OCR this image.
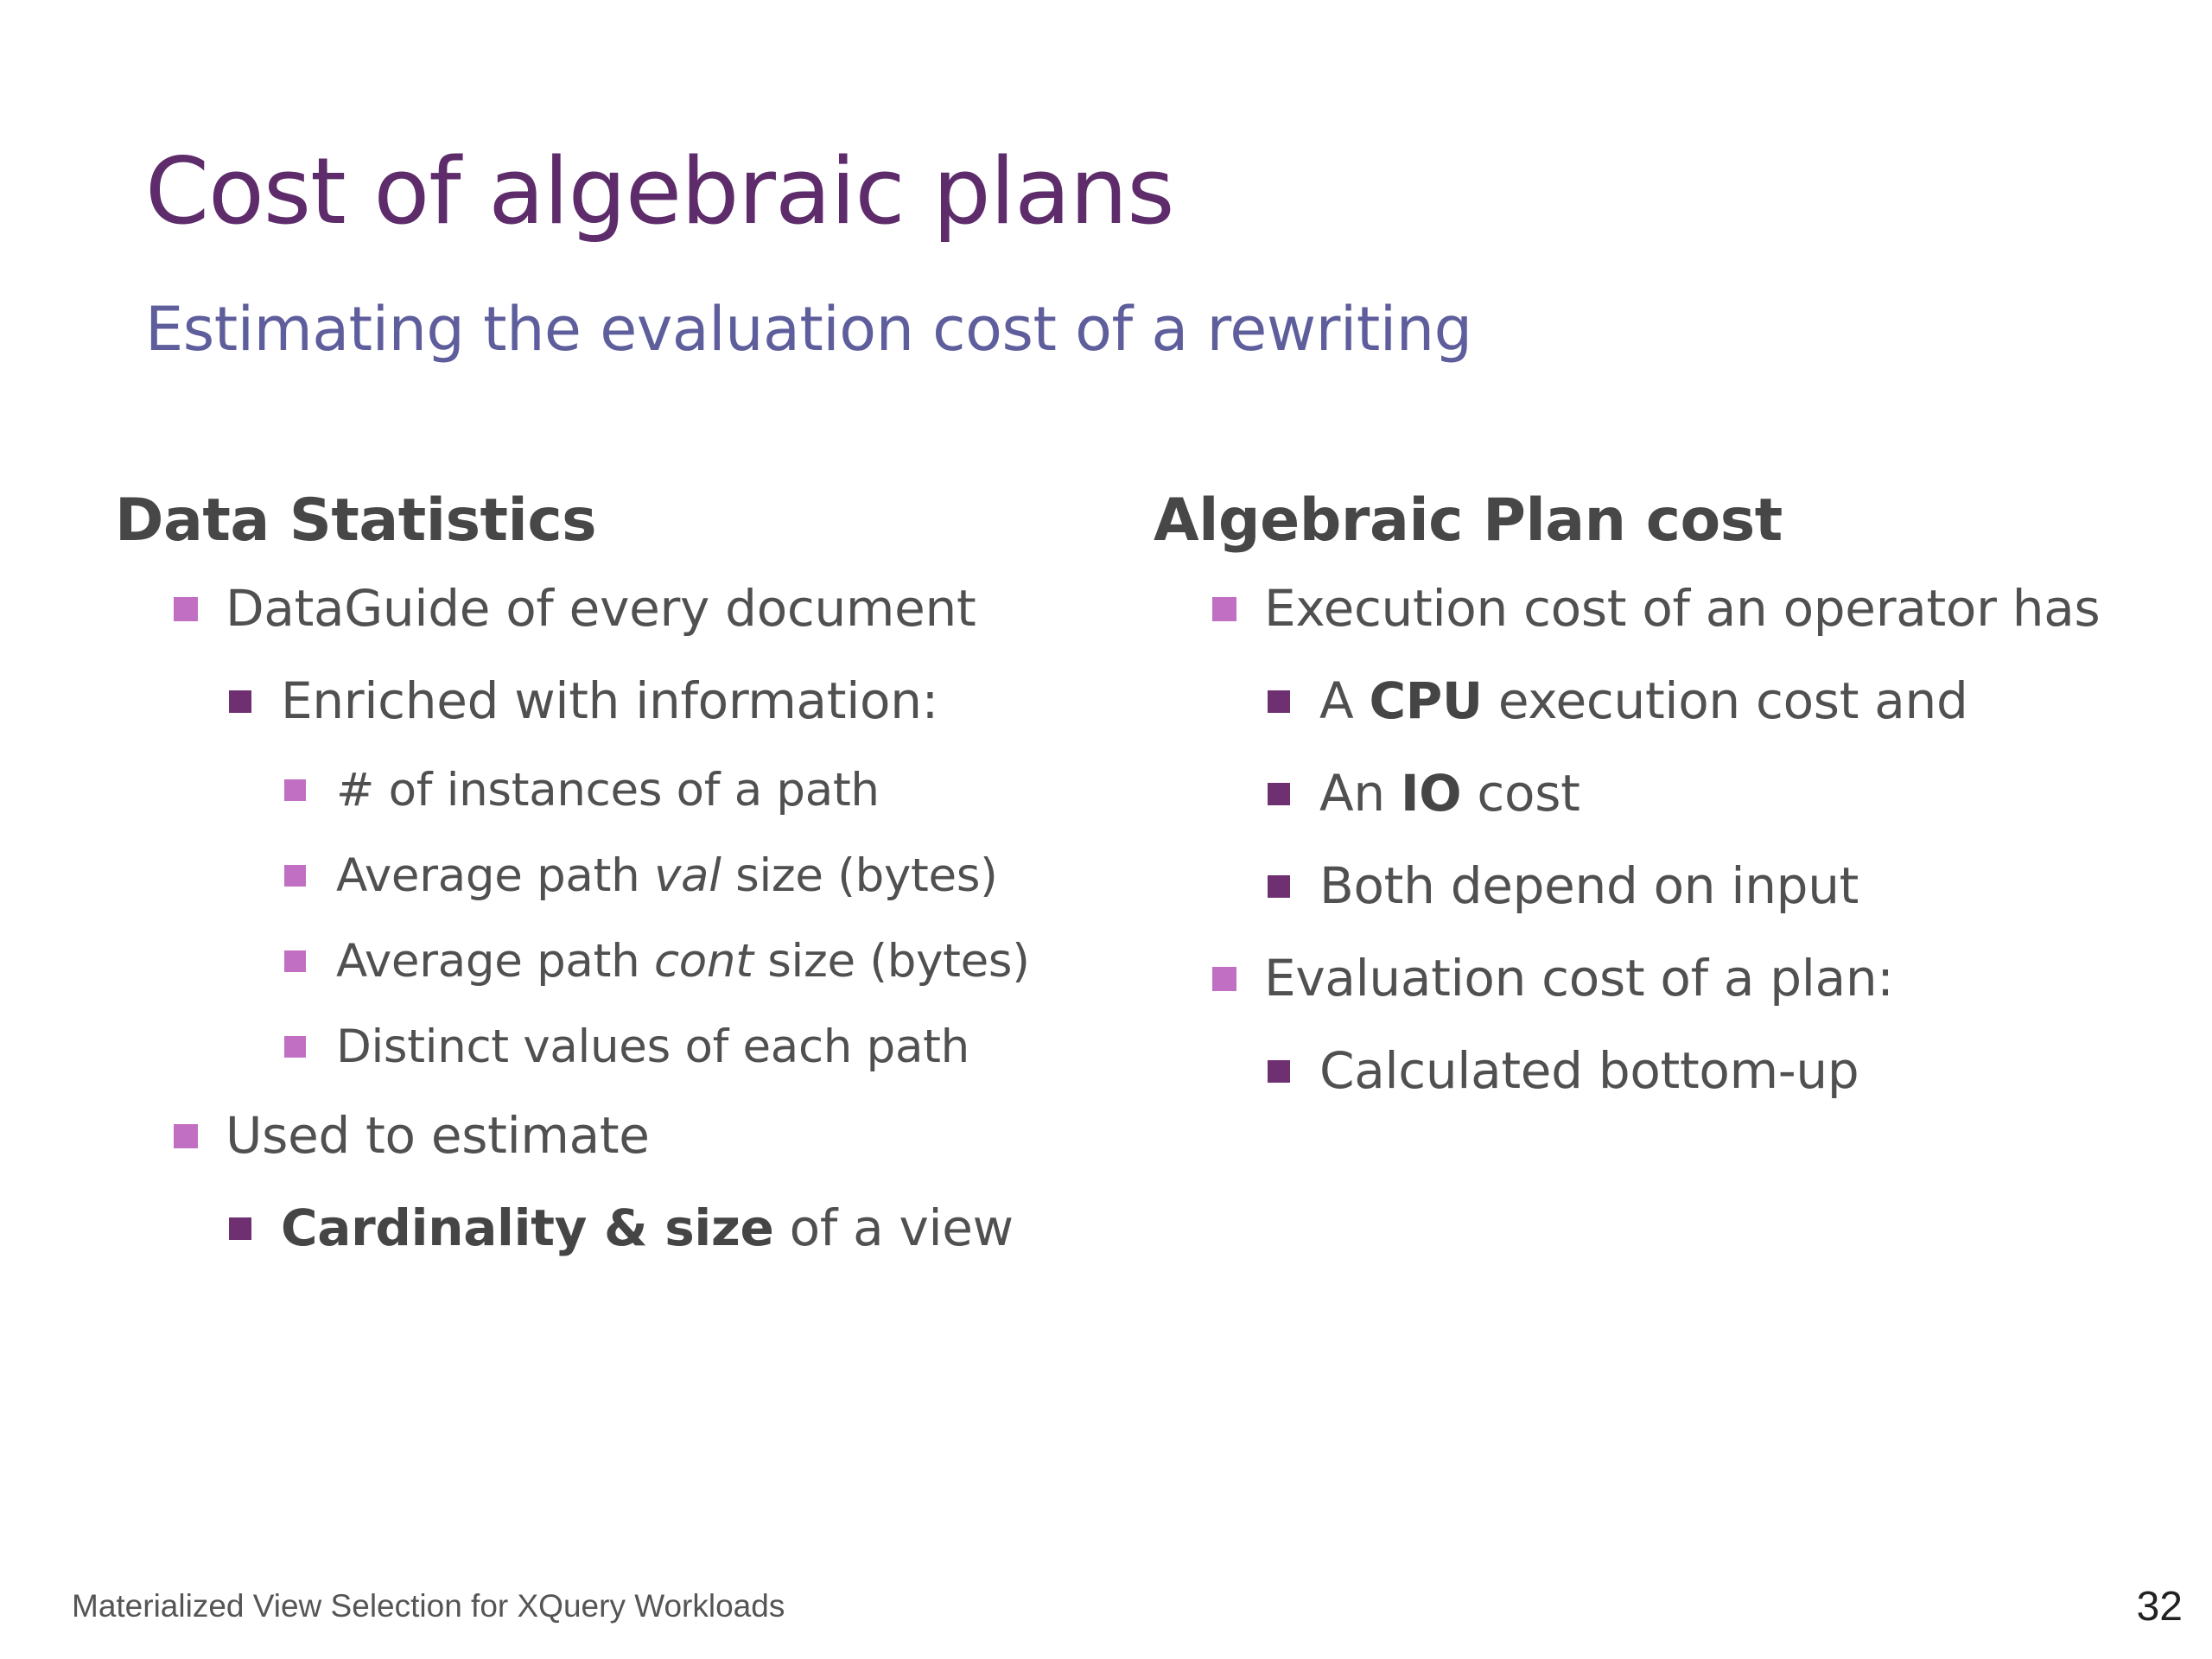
Cost of algebraic plans
Estimating the evaluation cost of a rewriting
Data Statistics
DataGuide of every document
Enriched with information:
# of instances of a path
Average path val size (bytes)
Average path cont size (bytes)
Distinct values of each path
Used to estimate
Cardinality & size of a view
Algebraic Plan cost
Execution cost of an operator has
A CPU execution cost and
An IO cost
Both depend on input
Evaluation cost of a plan:
Calculated bottom-up
Materialized View Selection for XQuery Workloads	32
